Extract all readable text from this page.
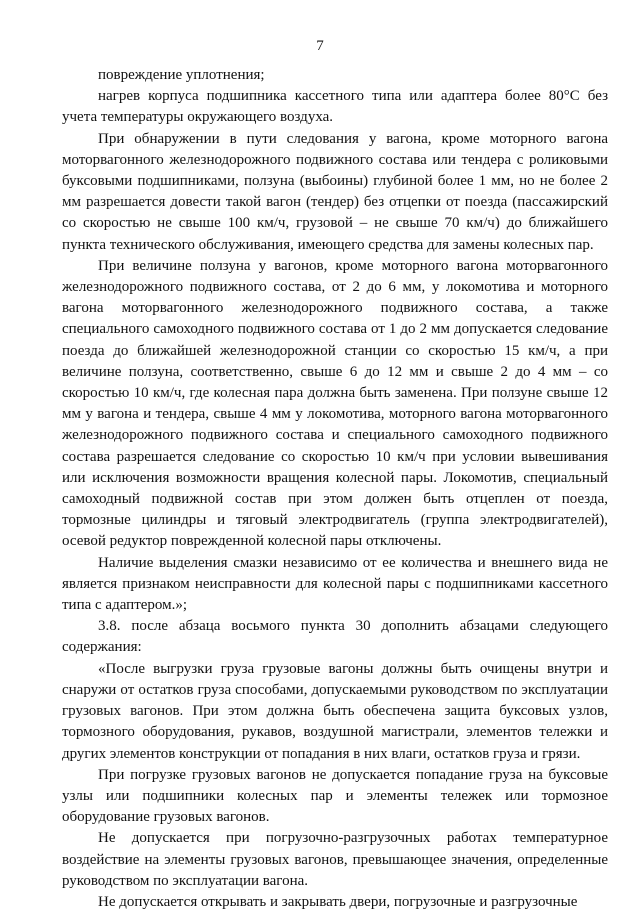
7

повреждение уплотнения;

нагрев корпуса подшипника кассетного типа или адаптера более 80°С без учета температуры окружающего воздуха.

При обнаружении в пути следования у вагона, кроме моторного вагона моторвагонного железнодорожного подвижного состава или тендера с роликовыми буксовыми подшипниками, ползуна (выбоины) глубиной более 1 мм, но не более 2 мм разрешается довести такой вагон (тендер) без отцепки от поезда (пассажирский со скоростью не свыше 100 км/ч, грузовой – не свыше 70 км/ч) до ближайшего пункта технического обслуживания, имеющего средства для замены колесных пар.

При величине ползуна у вагонов, кроме моторного вагона моторвагонного железнодорожного подвижного состава, от 2 до 6 мм, у локомотива и моторного вагона моторвагонного железнодорожного подвижного состава, а также специального самоходного подвижного состава от 1 до 2 мм допускается следование поезда до ближайшей железнодорожной станции со скоростью 15 км/ч, а при величине ползуна, соответственно, свыше 6 до 12 мм и свыше 2 до 4 мм – со скоростью 10 км/ч, где колесная пара должна быть заменена. При ползуне свыше 12 мм у вагона и тендера, свыше 4 мм у локомотива, моторного вагона моторвагонного железнодорожного подвижного состава и специального самоходного подвижного состава разрешается следование со скоростью 10 км/ч при условии вывешивания или исключения возможности вращения колесной пары. Локомотив, специальный самоходный подвижной состав при этом должен быть отцеплен от поезда, тормозные цилиндры и тяговый электродвигатель (группа электродвигателей), осевой редуктор поврежденной колесной пары отключены.

Наличие выделения смазки независимо от ее количества и внешнего вида не является признаком неисправности для колесной пары с подшипниками кассетного типа с адаптером.»;

3.8. после абзаца восьмого пункта 30 дополнить абзацами следующего содержания:

«После выгрузки груза грузовые вагоны должны быть очищены внутри и снаружи от остатков груза способами, допускаемыми руководством по эксплуатации грузовых вагонов. При этом должна быть обеспечена защита буксовых узлов, тормозного оборудования, рукавов, воздушной магистрали, элементов тележки и других элементов конструкции от попадания в них влаги, остатков груза и грязи.

При погрузке грузовых вагонов не допускается попадание груза на буксовые узлы или подшипники колесных пар и элементы тележек или тормозное оборудование грузовых вагонов.

Не допускается при погрузочно-разгрузочных работах температурное воздействие на элементы грузовых вагонов, превышающее значения, определенные руководством по эксплуатации вагона.

Не допускается открывать и закрывать двери, погрузочные и разгрузочные
